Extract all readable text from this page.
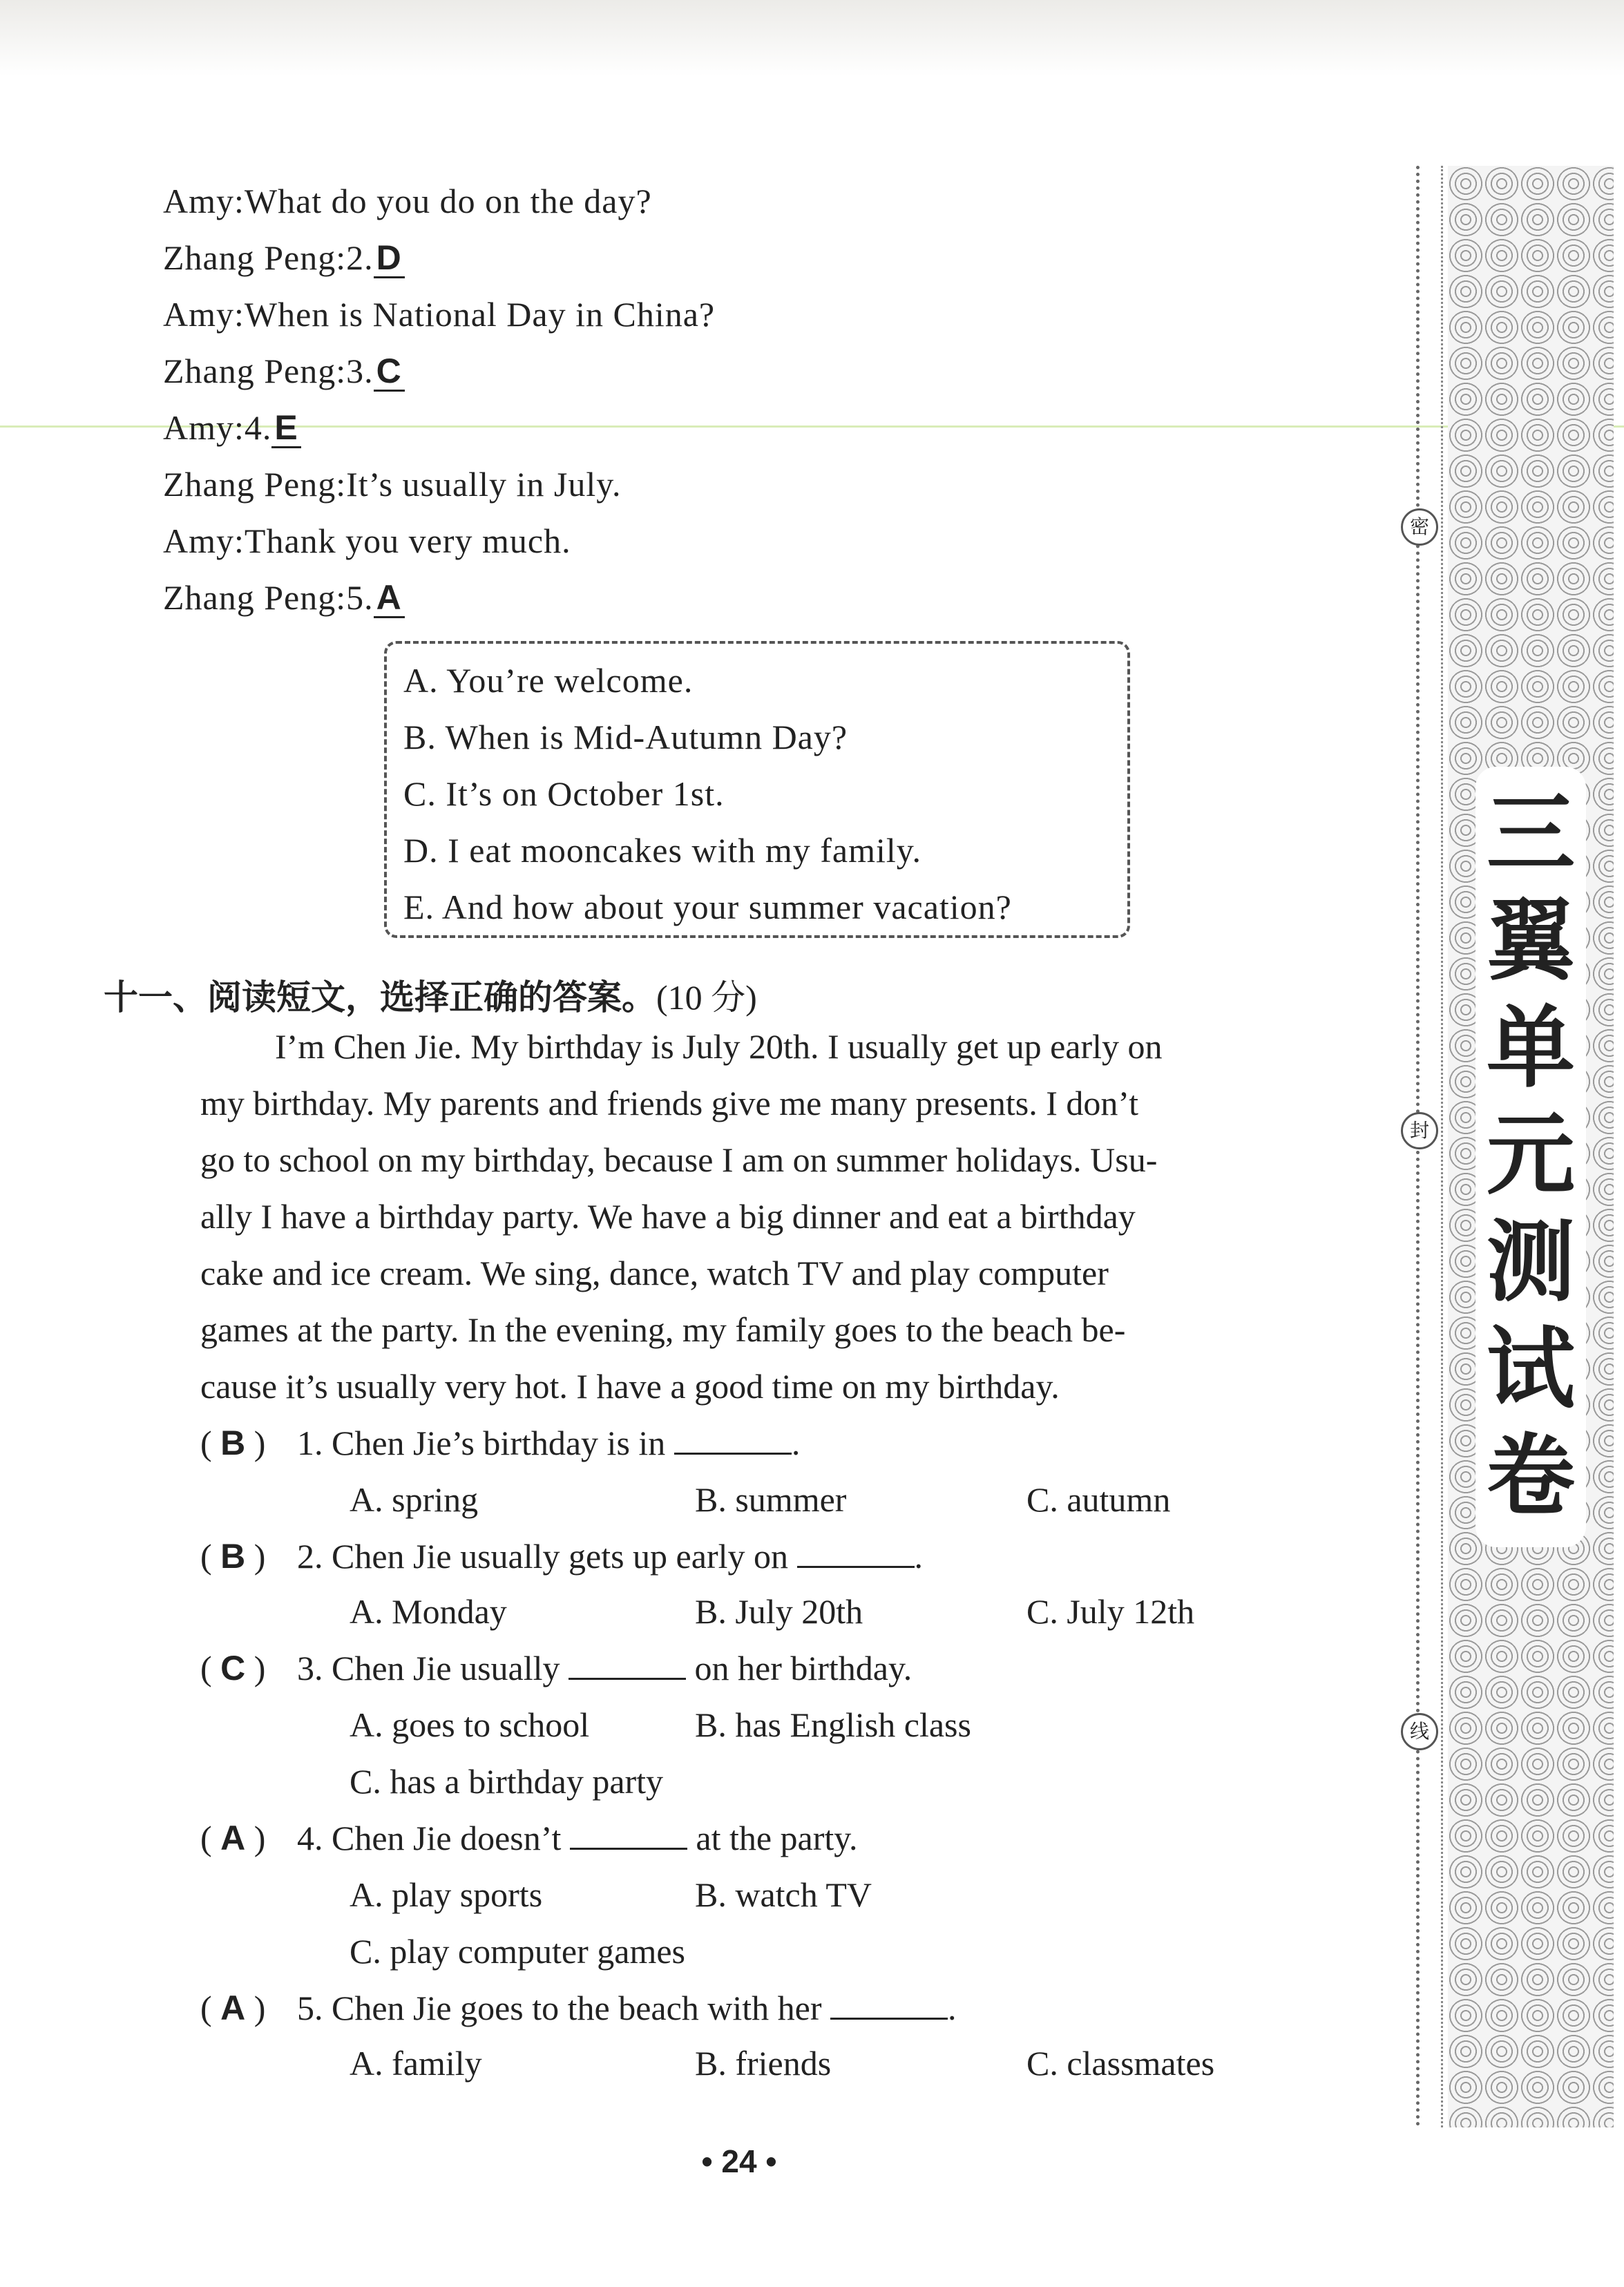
Amy:What do you do on the day?
Zhang Peng:2.D
Amy:When is National Day in China?
Zhang Peng:3.C
Amy:4.E
Zhang Peng:It’s usually in July.
Amy:Thank you very much.
Zhang Peng:5.A
A. You’re welcome.
B. When is Mid-Autumn Day?
C. It’s on October 1st.
D. I eat mooncakes with my family.
E. And how about your summer vacation?
十一、阅读短文，选择正确的答案。(10 分)
I’m Chen Jie. My birthday is July 20th. I usually get up early on
my birthday. My parents and friends give me many presents. I don’t
go to school on my birthday, because I am on summer holidays. Usu-
ally I have a birthday party. We have a big dinner and eat a birthday
cake and ice cream. We sing, dance, watch TV and play computer
games at the party. In the evening, my family goes to the beach be-
cause it’s usually very hot. I have a good time on my birthday.
( B ) 1. Chen Jie’s birthday is in	.
A. spring	B. summer	C. autumn
( B ) 2. Chen Jie usually gets up early on	.
A. Monday	B. July 20th	C. July 12th
( C ) 3. Chen Jie usually	on her birthday.
A. goes to school	B. has English class
C. has a birthday party
( A ) 4. Chen Jie doesn’t	at the party.
A. play sports	B. watch TV
C. play computer games
( A ) 5. Chen Jie goes to the beach with her	.
A. family	B. friends	C. classmates
密
封
线
三
翼
单
元
测
试
卷
• 24 •
